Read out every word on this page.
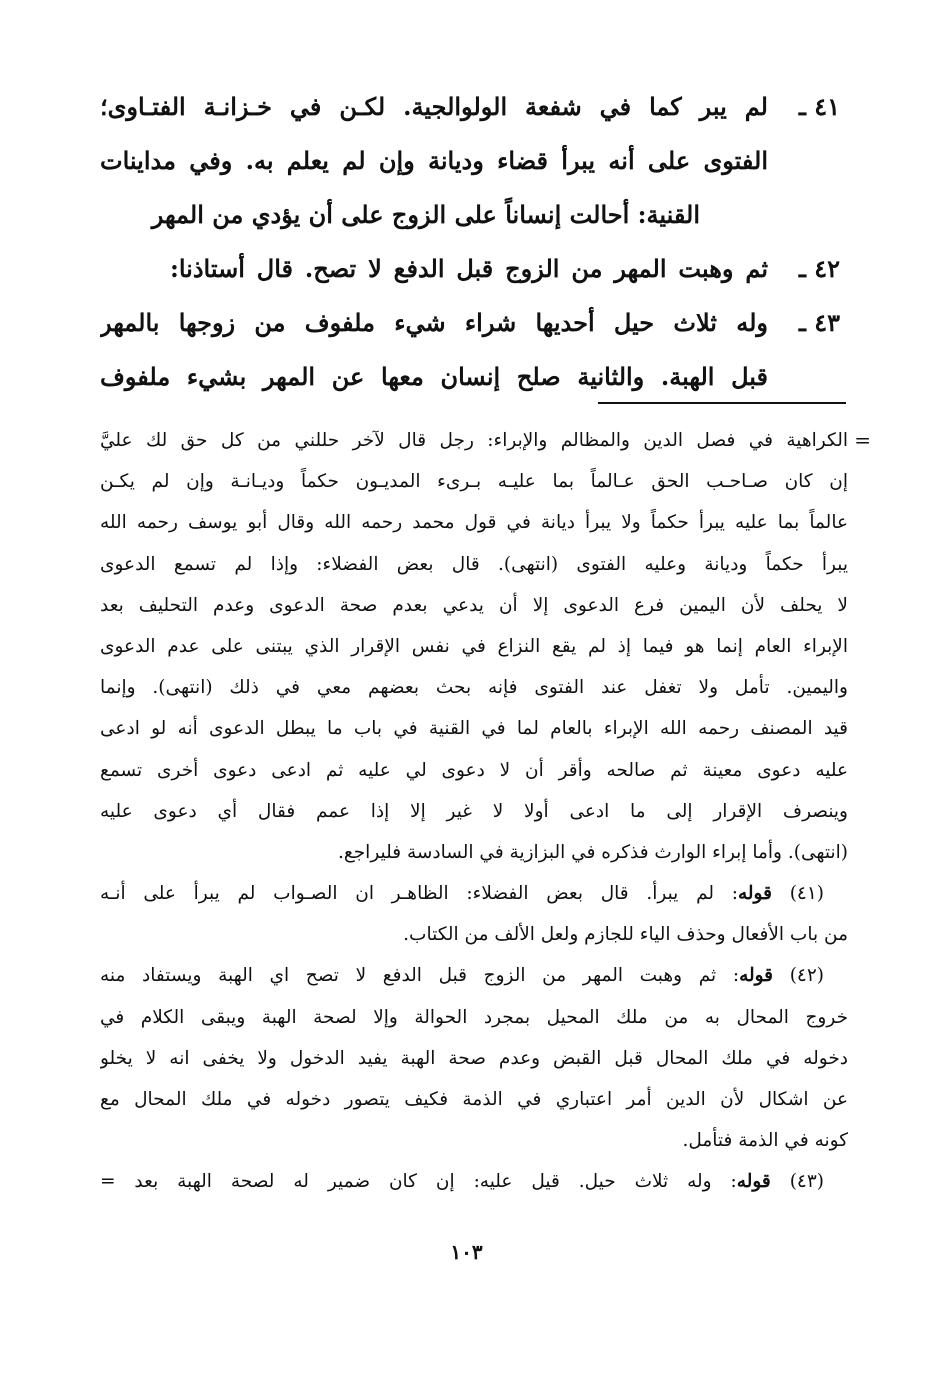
٤١ ـ
لم يبر كما في شفعة الولوالجية. لكـن في خـزانـة الفتـاوى؛
الفتوى على أنه يبرأ قضاء وديانة وإن لم يعلم به. وفي مداينات
القنية: أحالت إنساناً على الزوج على أن يؤدي من المهر
٤٢ ـ
ثم وهبت المهر من الزوج قبل الدفع لا تصح. قال أستاذنا:
٤٣ ـ
وله ثلاث حيل أحديها شراء شيء ملفوف من زوجها بالمهر
قبل الهبة. والثانية صلح إنسان معها عن المهر بشيء ملفوف
=
الكراهية في فصل الدين والمظالم والإبراء: رجل قال لآخر حللني من كل حق لك عليَّ
إن كان صـاحـب الحق عـالماً بما عليـه بـرىء المديـون حكماً وديـانـة وإن لم يكـن
عالماً بما عليه يبرأ حكماً ولا يبرأ ديانة في قول محمد رحمه الله وقال أبو يوسف رحمه الله
يبرأ حكماً وديانة وعليه الفتوى (انتهى). قال بعض الفضلاء: وإذا لم تسمع الدعوى
لا يحلف لأن اليمين فرع الدعوى إلا أن يدعي بعدم صحة الدعوى وعدم التحليف بعد
الإبراء العام إنما هو فيما إذ لم يقع النزاع في نفس الإقرار الذي يبتنى على عدم الدعوى
واليمين. تأمل ولا تغفل عند الفتوى فإنه بحث بعضهم معي في ذلك (انتهى). وإنما
قيد المصنف رحمه الله الإبراء بالعام لما في القنية في باب ما يبطل الدعوى أنه لو ادعى
عليه دعوى معينة ثم صالحه وأقر أن لا دعوى لي عليه ثم ادعى دعوى أخرى تسمع
وينصرف الإقرار إلى ما ادعى أولا لا غير إلا إذا عمم فقال أي دعوى عليه
(انتهى). وأما إبراء الوارث فذكره في البزازية في السادسة فليراجع.
(٤١) قوله: لم يبرأ. قال بعض الفضلاء: الظاهـر ان الصـواب لم يبرأ على أنـه
من باب الأفعال وحذف الياء للجازم ولعل الألف من الكتاب.
(٤٢) قوله: ثم وهبت المهر من الزوج قبل الدفع لا تصح اي الهبة ويستفاد منه
خروج المحال به من ملك المحيل بمجرد الحوالة وإلا لصحة الهبة ويبقى الكلام في
دخوله في ملك المحال قبل القبض وعدم صحة الهبة يفيد الدخول ولا يخفى انه لا يخلو
عن اشكال لأن الدين أمر اعتباري في الذمة فكيف يتصور دخوله في ملك المحال مع
كونه في الذمة فتأمل.
(٤٣) قوله: وله ثلاث حيل. قيل عليه: إن كان ضمير له لصحة الهبة بعد =
١٠٣
